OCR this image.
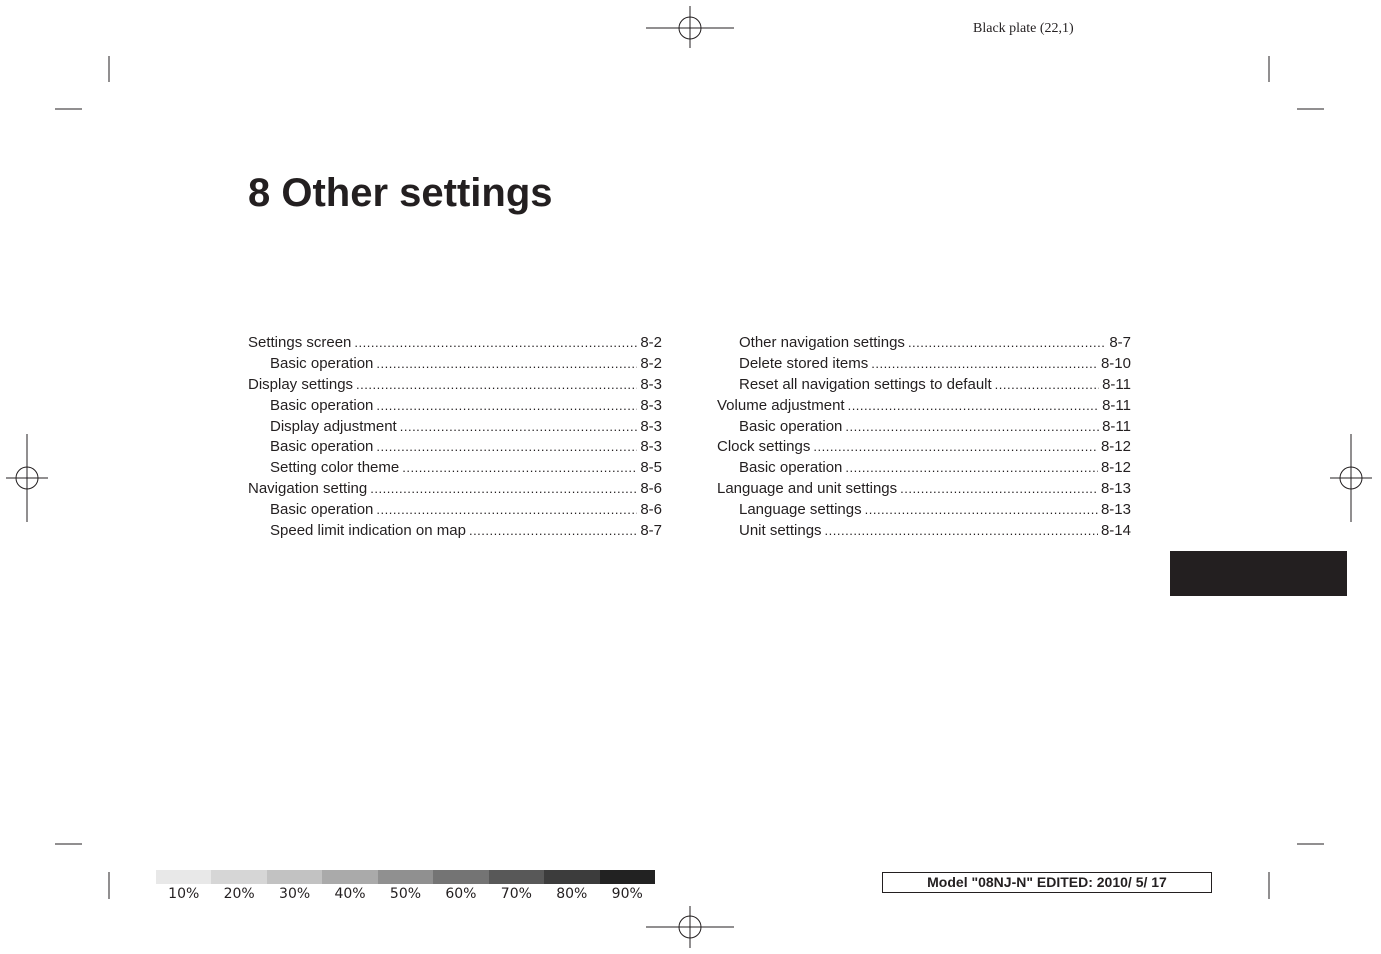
Black plate (22,1)
8 Other settings
Settings screen .....	8-2
Basic operation .....	8-2
Display settings .....	8-3
Basic operation .....	8-3
Display adjustment .....	8-3
Basic operation .....	8-3
Setting color theme .....	8-5
Navigation setting .....	8-6
Basic operation .....	8-6
Speed limit indication on map .....	8-7
Other navigation settings .....	8-7
Delete stored items .....	8-10
Reset all navigation settings to default .....	8-11
Volume adjustment .....	8-11
Basic operation .....	8-11
Clock settings .....	8-12
Basic operation .....	8-12
Language and unit settings .....	8-13
Language settings .....	8-13
Unit settings .....	8-14
10%	20%	30%	40%	50%	60%	70%	80%	90%
Model "08NJ-N" EDITED: 2010/ 5/ 17
